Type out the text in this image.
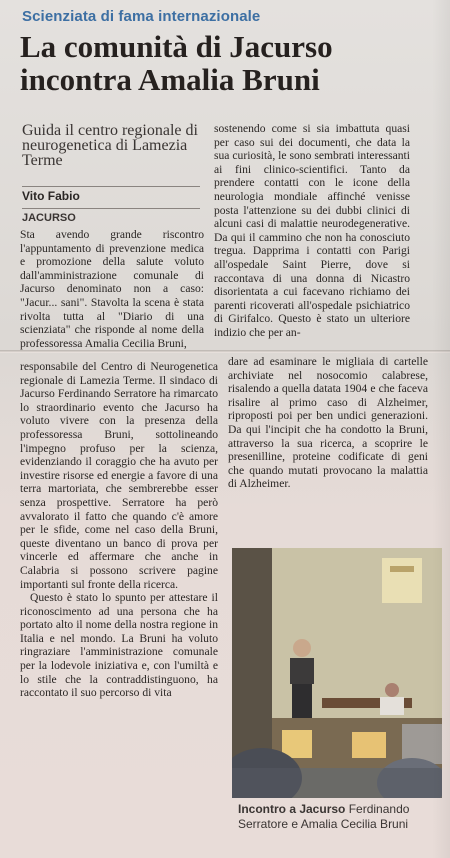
Scienziata di fama internazionale
La comunità di Jacurso incontra Amalia Bruni
Guida il centro regionale di neurogenetica di Lamezia Terme
Vito Fabio
JACURSO

Sta avendo grande riscontro l'appuntamento di prevenzione medica e promozione della salute voluto dall'amministrazione comunale di Jacurso denominato non a caso: "Jacur... sani". Stavolta la scena è stata rivolta tutta al "Diario di una scienziata" che risponde al nome della professoressa Amalia Cecilia Bruni,

sostenendo come si sia imbattuta quasi per caso sui dei documenti, che data la sua curiosità, le sono sembrati interessanti ai fini clinico-scientifici. Tanto da prendere contatti con le icone della neurologia mondiale affinché venisse posta l'attenzione su dei dubbi clinici di alcuni casi di malattie neurodegenerative. Da qui il cammino che non ha conosciuto tregua. Dapprima i contatti con Parigi all'ospedale Saint Pierre, dove si raccontava di una donna di Nicastro disorientata a cui facevano richiamo dei parenti ricoverati all'ospedale psichiatrico di Girifalco. Questo è stato un ulteriore indizio che per an-

responsabile del Centro di Neurogenetica regionale di Lamezia Terme. Il sindaco di Jacurso Ferdinando Serratore ha rimarcato lo straordinario evento che Jacurso ha voluto vivere con la presenza della professoressa Bruni, sottolineando l'impegno profuso per la scienza, evidenziando il coraggio che ha avuto per investire risorse ed energie a favore di una terra martoriata, che sembrerebbe esser senza prospettive. Serratore ha però avvalorato il fatto che quando c'è amore per le sfide, come nel caso della Bruni, queste diventano un banco di prova per vincerle ed affermare che anche in Calabria si possono scrivere pagine importanti sul fronte della ricerca.

Questo è stato lo spunto per attestare il riconoscimento ad una persona che ha portato alto il nome della nostra regione in Italia e nel mondo. La Bruni ha voluto ringraziare l'amministrazione comunale per la lodevole iniziativa e, con l'umiltà e lo stile che la contraddistinguono, ha raccontato il suo percorso di vita

dare ad esaminare le migliaia di cartelle archiviate nel nosocomio calabrese, risalendo a quella datata 1904 e che faceva risalire al primo caso di Alzheimer, riproposti poi per ben undici generazioni. Da qui l'incipit che ha condotto la Bruni, attraverso la sua ricerca, a scoprire le presenilline, proteine codificate di geni che quando mutati provocano la malattia di Alzheimer.

Incontro a Jacurso Ferdinando Serratore e Amalia Cecilia Bruni
